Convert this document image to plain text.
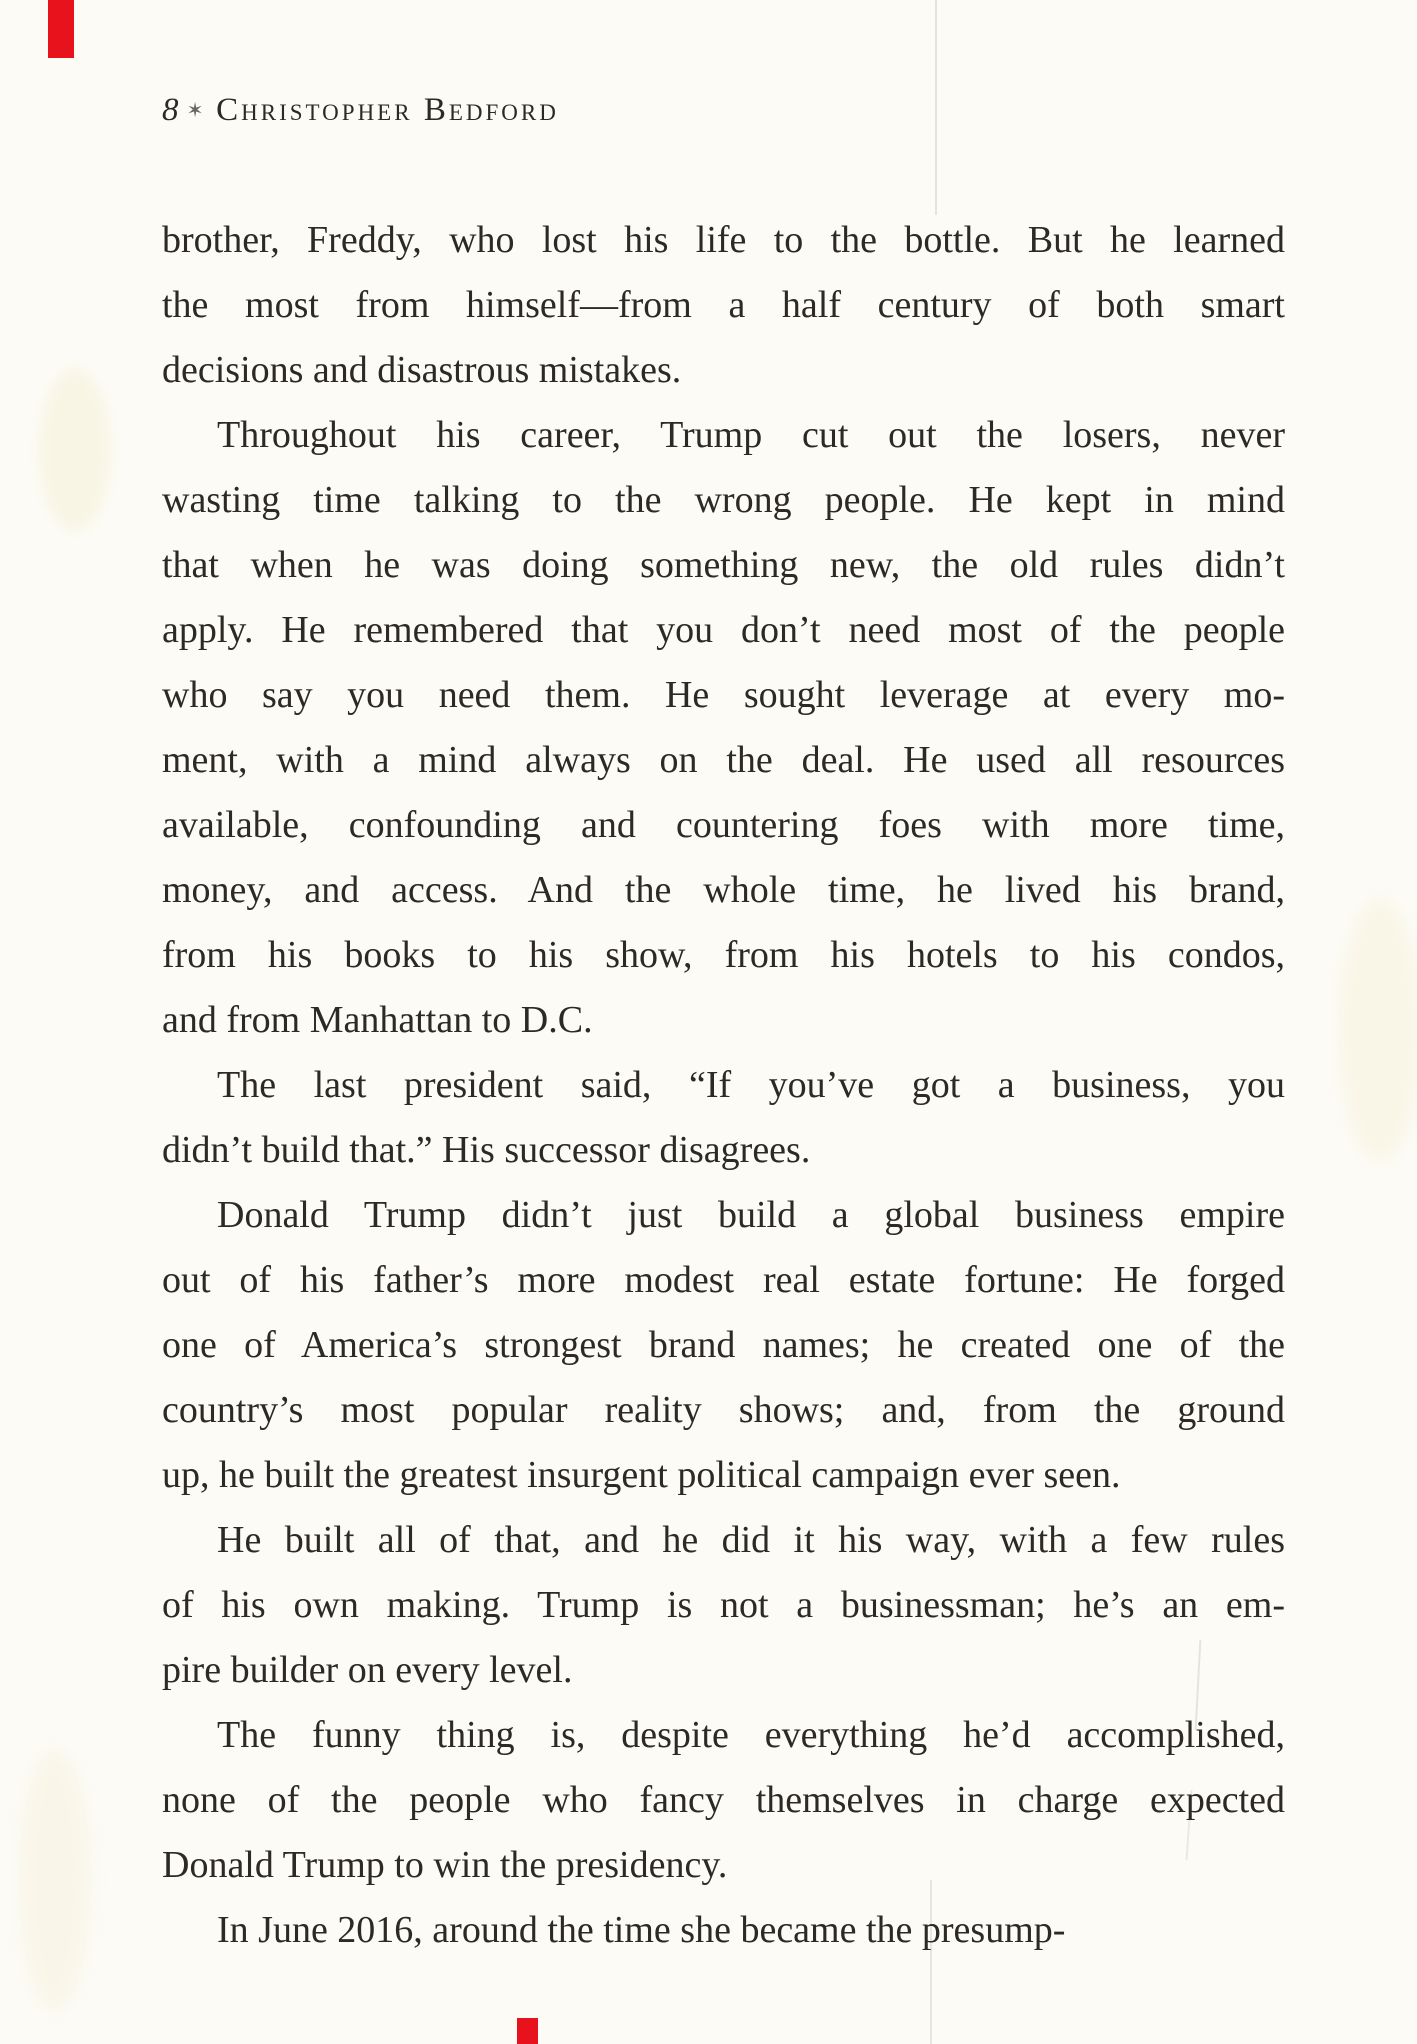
8 ✶ Christopher Bedford
brother, Freddy, who lost his life to the bottle. But he learned
the most from himself—from a half century of both smart
decisions and disastrous mistakes.
Throughout his career, Trump cut out the losers, never
wasting time talking to the wrong people. He kept in mind
that when he was doing something new, the old rules didn’t
apply. He remembered that you don’t need most of the people
who say you need them. He sought leverage at every mo-
ment, with a mind always on the deal. He used all resources
available, confounding and countering foes with more time,
money, and access. And the whole time, he lived his brand,
from his books to his show, from his hotels to his condos,
and from Manhattan to D.C.
The last president said, “If you’ve got a business, you
didn’t build that.” His successor disagrees.
Donald Trump didn’t just build a global business empire
out of his father’s more modest real estate fortune: He forged
one of America’s strongest brand names; he created one of the
country’s most popular reality shows; and, from the ground
up, he built the greatest insurgent political campaign ever seen.
He built all of that, and he did it his way, with a few rules
of his own making. Trump is not a businessman; he’s an em-
pire builder on every level.
The funny thing is, despite everything he’d accomplished,
none of the people who fancy themselves in charge expected
Donald Trump to win the presidency.
In June 2016, around the time she became the presump-
